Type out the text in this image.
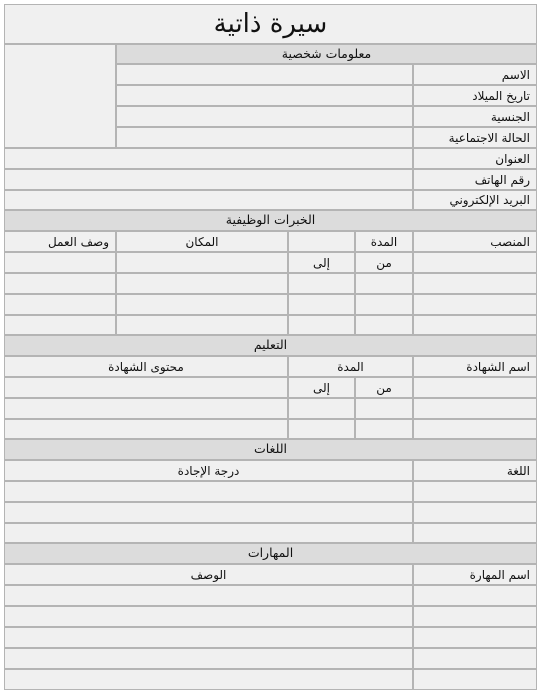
سيرة ذاتية
معلومات شخصية
الاسم
تاريخ الميلاد
الجنسية
الحالة الاجتماعية
العنوان
رقم الهاتف
البريد الإلكتروني
الخبرات الوظيفية
المنصب
المدة
المكان
وصف العمل
من
إلى
التعليم
اسم الشهادة
المدة
محتوى الشهادة
من
إلى
اللغات
اللغة
درجة الإجادة
المهارات
اسم المهارة
الوصف
